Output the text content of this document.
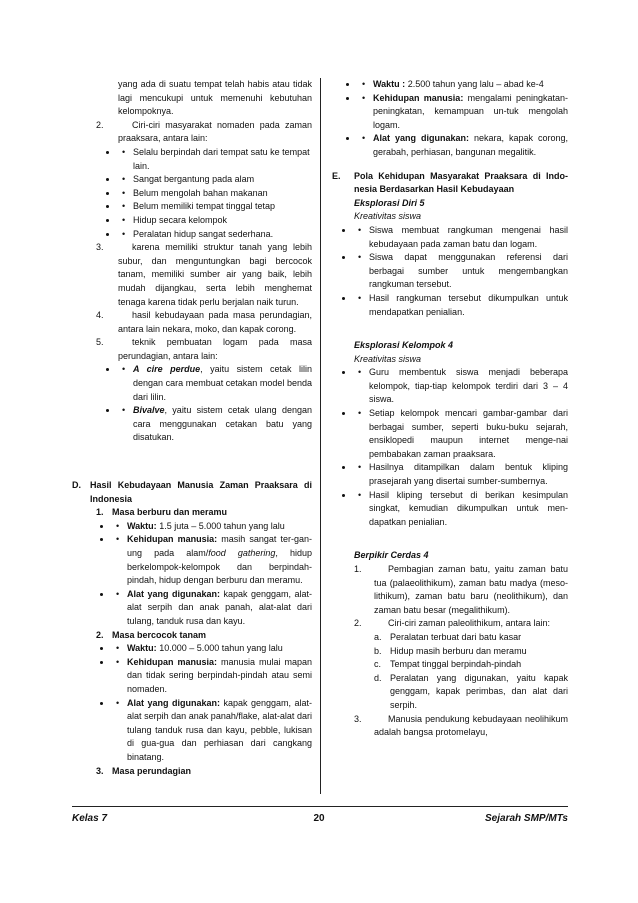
yang ada di suatu tempat telah habis atau tidak lagi mencukupi untuk memenuhi kebutuhan kelompoknya.

2.	Ciri-ciri masyarakat nomaden pada zaman praaksara, antara lain:

• • Selalu berpindah dari tempat satu ke tempat lain.
• • Sangat bergantung pada alam
• • Belum mengolah bahan makanan
• • Belum memiliki tempat tinggal tetap
• • Hidup secara kelompok
• • Peralatan hidup sangat sederhana.
3.	karena memiliki struktur tanah yang lebih subur, dan menguntungkan bagi bercocok tanam, memiliki sumber air yang baik, lebih mudah dijangkau, serta lebih menghemat tenaga karena tidak perlu berjalan naik turun.

4.	hasil kebudayaan pada masa perundagian, antara lain nekara, moko, dan kapak corong.

5.	teknik pembuatan logam pada masa perundagian, antara lain:

• • A cire perdue, yaitu sistem cetak lilin dengan cara membuat cetakan model benda dari lilin.
• • Bivalve, yaitu sistem cetak ulang dengan cara menggunakan cetakan batu yang disatukan.
D. Hasil Kebudayaan Manusia Zaman Praaksara di Indonesia
1. Masa berburu dan meramu

• • Waktu: 1.5 juta – 5.000 tahun yang lalu
• • Kehidupan manusia: masih sangat ter-gan-ung pada alam/food gathering, hidup berkelompok-kelompok dan berpindah-pindah, hidup dengan berburu dan meramu.
• • Alat yang digunakan: kapak genggam, alat-alat serpih dan anak panah, alat-alat dari tulang, tanduk rusa dan kayu.
2. Masa bercocok tanam

• • Waktu: 10.000 – 5.000 tahun yang lalu
• • Kehidupan manusia: manusia mulai mapan dan tidak sering berpindah-pindah atau semi nomaden.
• • Alat yang digunakan: kapak genggam, alat-alat serpih dan anak panah/flake, alat-alat dari tulang tanduk rusa dan kayu, pebble, lukisan di gua-gua dan perhiasan dari cangkang binatang.
3. Masa perundagian

• • Waktu : 2.500 tahun yang lalu – abad ke-4
• • Kehidupan manusia: mengalami peningkatan-peningkatan, kemampuan un-tuk mengolah logam.
• • Alat yang digunakan: nekara, kapak corong, gerabah, perhiasan, bangunan megalitik.
E. Pola Kehidupan Masyarakat Praaksara di Indo-nesia Berdasarkan Hasil Kebudayaan

Eksplorasi Diri 5

Kreativitas siswa

• • Siswa membuat rangkuman mengenai hasil kebudayaan pada zaman batu dan logam.
• • Siswa dapat menggunakan referensi dari berbagai sumber untuk mengembangkan rangkuman tersebut.
• • Hasil rangkuman tersebut dikumpulkan untuk mendapatkan penialian.

Eksplorasi Kelompok 4

Kreativitas siswa

• • Guru membentuk siswa menjadi beberapa kelompok, tiap-tiap kelompok terdiri dari 3 – 4 siswa.
• • Setiap kelompok mencari gambar-gambar dari berbagai sumber, seperti buku-buku sejarah, ensiklopedi maupun internet menge-nai pembabakan zaman praaksara.
• • Hasilnya ditampilkan dalam bentuk kliping prasejarah yang disertai sumber-sumbernya.
• • Hasil kliping tersebut di berikan kesimpulan singkat, kemudian dikumpulkan untuk men-dapatkan penialian.

Berpikir Cerdas 4

1.	Pembagian zaman batu, yaitu zaman batu tua (palaeolithikum), zaman batu madya (meso-lithikum), zaman batu baru (neolithikum), dan zaman batu besar (megalithikum).

2.	Ciri-ciri zaman paleolithikum, antara lain:

a. Peralatan terbuat dari batu kasar

b. Hidup masih berburu dan meramu

c. Tempat tinggal berpindah-pindah

d. Peralatan yang digunakan, yaitu kapak genggam, kapak perimbas, dan alat dari serpih.

3.	Manusia pendukung kebudayaan neolihikum adalah bangsa protomelayu,

Kelas 7	20	Sejarah SMP/MTs
